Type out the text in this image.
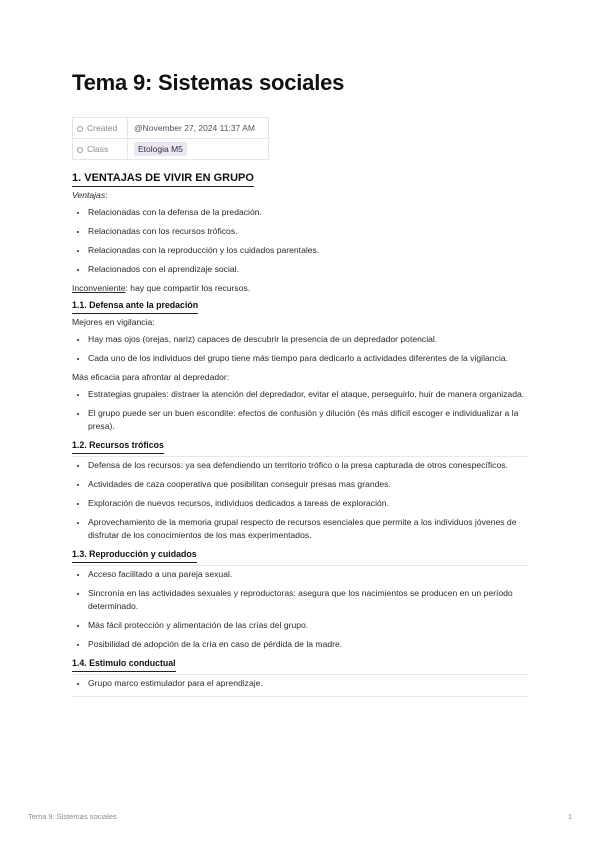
Tema 9: Sistemas sociales
Created	@November 27, 2024 11:37 AM
Class	Etologia M5
1. VENTAJAS DE VIVIR EN GRUPO

Ventajas:

• Relacionadas con la defensa de la predación.
• Relacionadas con los recursos tróficos.
• Relacionadas con la reproducción y los cuidados parentales.
• Relacionados con el aprendizaje social.

Inconveniente: hay que compartir los recursos.

1.1. Defensa ante la predación

Mejores en vigilancia:

• Hay mas ojos (orejas, nariz) capaces de descubrir la presencia de un depredador potencial.
• Cada uno de los individuos del grupo tiene más tiempo para dedicarlo a actividades diferentes de la vigilancia.

Más eficacia para afrontar al depredador:

• Estrategias grupales: distraer la atención del depredador, evitar el ataque, perseguirlo, huir de manera organizada.
• El grupo puede ser un buen escondite: efectos de confusión y dilución (és más difícil escoger e individualizar a la presa).
1.2. Recursos tróficos
• Defensa de los recursos: ya sea defendiendo un territorio trófico o la presa capturada de otros conespecíficos.
• Actividades de caza cooperativa que posibilitan conseguir presas mas grandes.
• Exploración de nuevos recursos, individuos dedicados a tareas de exploración.
• Aprovechamiento de la memoria grupal respecto de recursos esenciales que permite a los individuos jóvenes de disfrutar de los conocimientos de los mas experimentados.
1.3. Reproducción y cuidados
• Acceso facilitado a una pareja sexual.
• Sincronía en las actividades sexuales y reproductoras: asegura que los nacimientos se producen en un período determinado.
• Más fácil protección y alimentación de las crías del grupo.
• Posibilidad de adopción de la cría en caso de pérdida de la madre.
1.4. Estimulo conductual
• Grupo marco estimulador para el aprendizaje.
Tema 9: Sistemas sociales	1
